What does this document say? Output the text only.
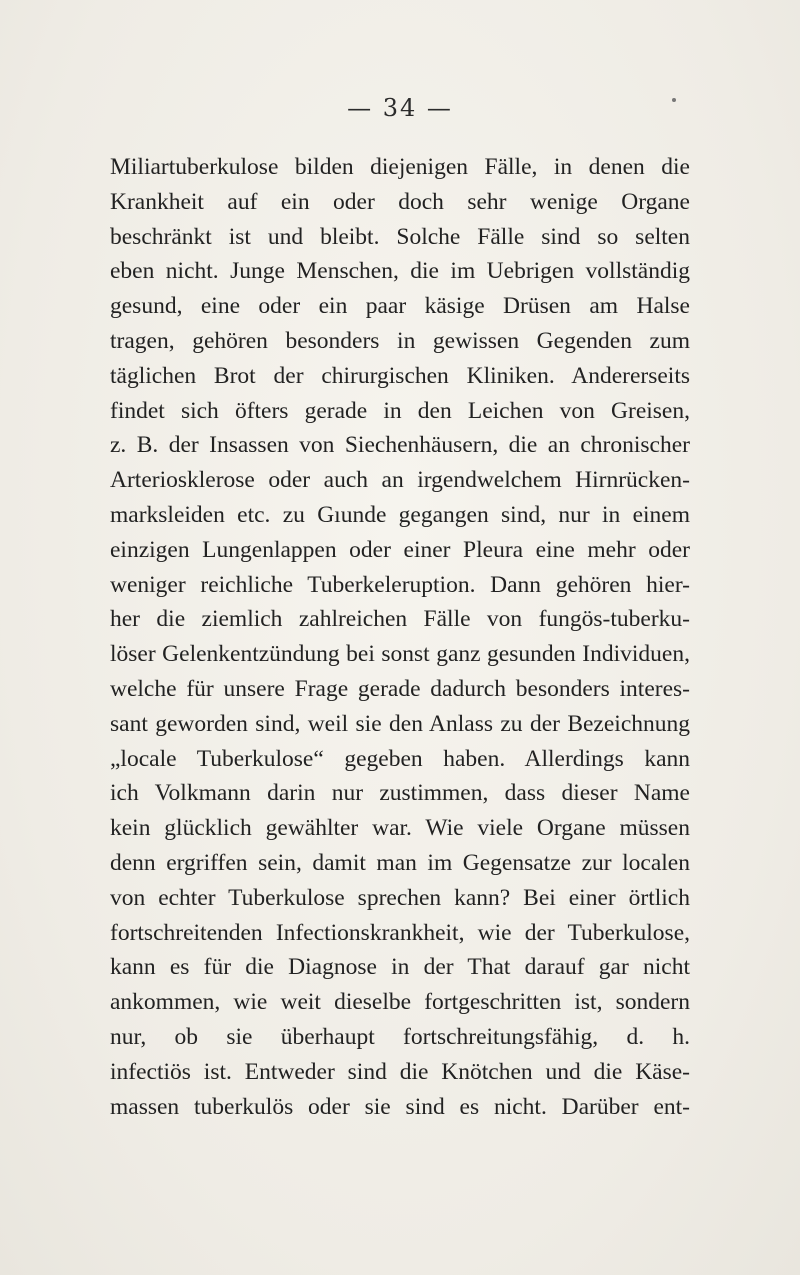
— 34 —
Miliartuberkulose bilden diejenigen Fälle, in denen die
Krankheit auf ein oder doch sehr wenige Organe
beschränkt ist und bleibt. Solche Fälle sind so selten
eben nicht. Junge Menschen, die im Uebrigen vollständig
gesund, eine oder ein paar käsige Drüsen am Halse
tragen, gehören besonders in gewissen Gegenden zum
täglichen Brot der chirurgischen Kliniken. Andererseits
findet sich öfters gerade in den Leichen von Greisen,
z. B. der Insassen von Siechenhäusern, die an chronischer
Arteriosklerose oder auch an irgendwelchem Hirnrücken-
marksleiden etc. zu Gıunde gegangen sind, nur in einem
einzigen Lungenlappen oder einer Pleura eine mehr oder
weniger reichliche Tuberkeleruption. Dann gehören hier-
her die ziemlich zahlreichen Fälle von fungös-tuberku-
löser Gelenkentzündung bei sonst ganz gesunden Individuen,
welche für unsere Frage gerade dadurch besonders interes-
sant geworden sind, weil sie den Anlass zu der Bezeichnung
„locale Tuberkulose“ gegeben haben. Allerdings kann
ich Volkmann darin nur zustimmen, dass dieser Name
kein glücklich gewählter war. Wie viele Organe müssen
denn ergriffen sein, damit man im Gegensatze zur localen
von echter Tuberkulose sprechen kann? Bei einer örtlich
fortschreitenden Infectionskrankheit, wie der Tuberkulose,
kann es für die Diagnose in der That darauf gar nicht
ankommen, wie weit dieselbe fortgeschritten ist, sondern
nur, ob sie überhaupt fortschreitungsfähig, d. h.
infectiös ist. Entweder sind die Knötchen und die Käse-
massen tuberkulös oder sie sind es nicht. Darüber ent-
